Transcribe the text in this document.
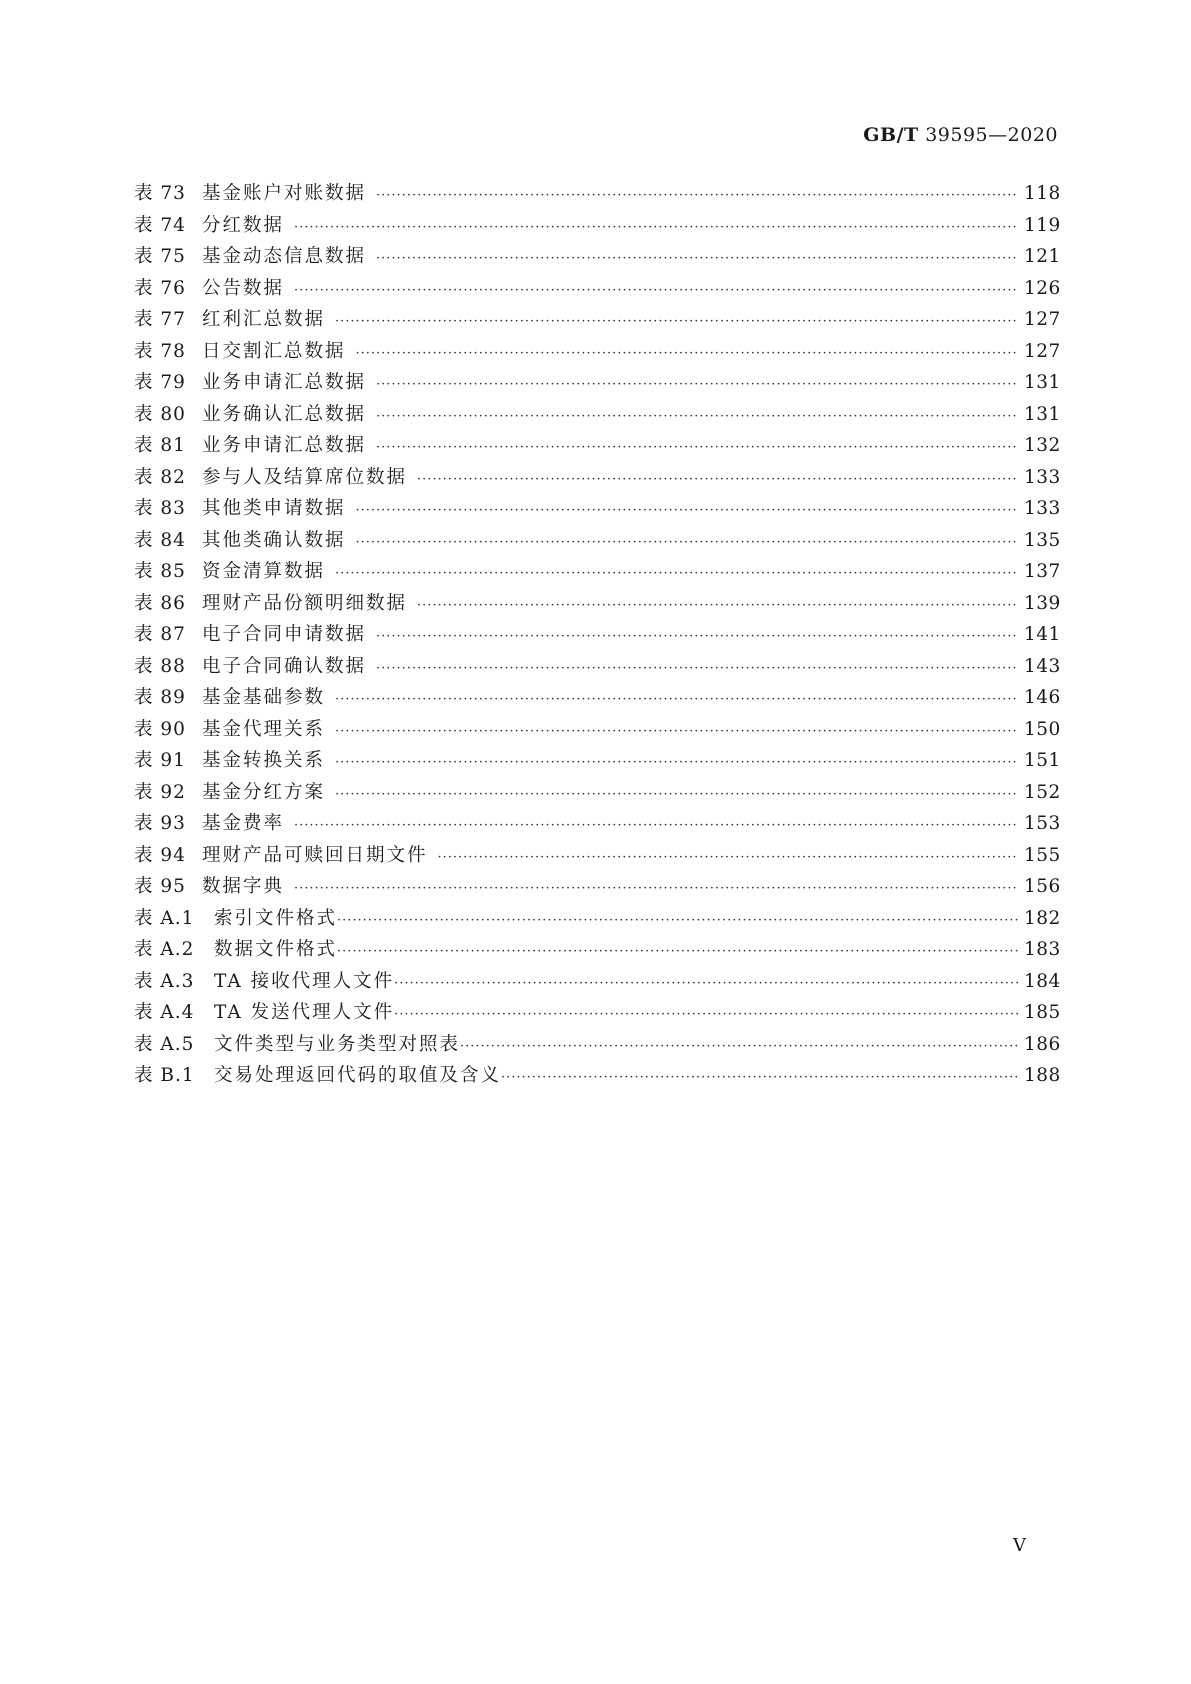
GB/T 39595—2020
表 73 基金账户对账数据 ·····	118
表 74 分红数据 ·····	119
表 75 基金动态信息数据 ·····	121
表 76 公告数据 ·····	126
表 77 红利汇总数据 ·····	127
表 78 日交割汇总数据 ·····	127
表 79 业务申请汇总数据 ·····	131
表 80 业务确认汇总数据 ·····	131
表 81 业务申请汇总数据 ·····	132
表 82 参与人及结算席位数据 ·····	133
表 83 其他类申请数据 ·····	133
表 84 其他类确认数据 ·····	135
表 85 资金清算数据 ·····	137
表 86 理财产品份额明细数据 ·····	139
表 87 电子合同申请数据 ·····	141
表 88 电子合同确认数据 ·····	143
表 89 基金基础参数 ·····	146
表 90 基金代理关系 ·····	150
表 91 基金转换关系 ·····	151
表 92 基金分红方案 ·····	152
表 93 基金费率 ·····	153
表 94 理财产品可赎回日期文件 ·····	155
表 95 数据字典 ·····	156
表 A.1	索引文件格式 ·····	182
表 A.2	数据文件格式 ·····	183
表 A.3	TA 接收代理人文件 ·····	184
表 A.4	TA 发送代理人文件 ·····	185
表 A.5	文件类型与业务类型对照表 ·····	186
表 B.1	交易处理返回代码的取值及含义 ·····	188
V
